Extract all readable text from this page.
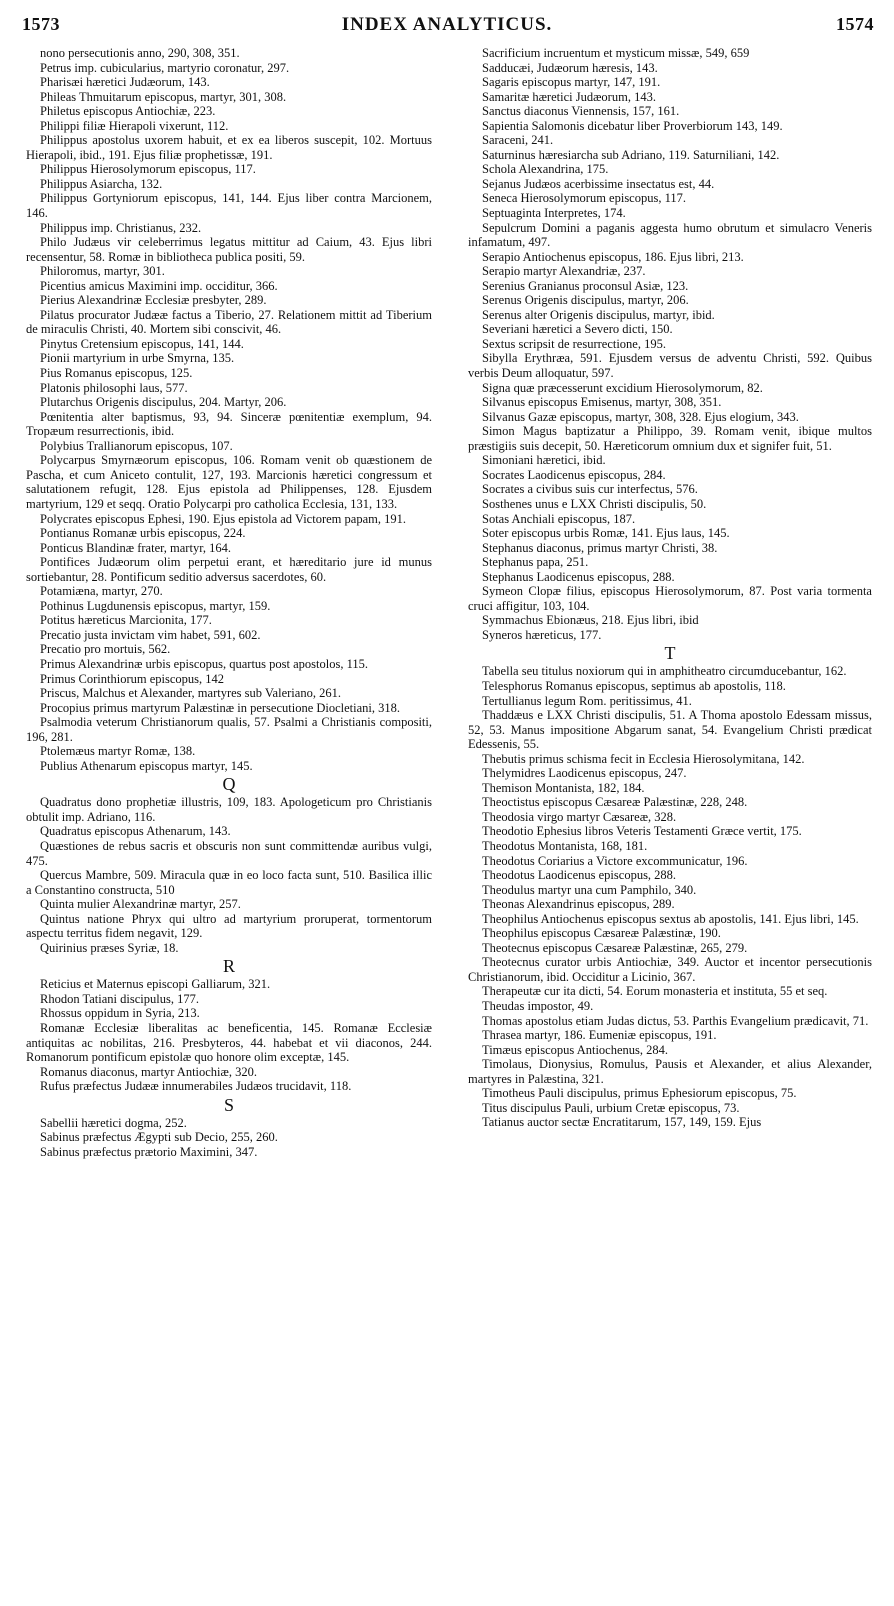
1573	INDEX ANALYTICUS.	1574

nono persecutionis anno, 290, 308, 351.

Petrus imp. cubicularius, martyrio coronatur, 297.

Pharisæi hæretici Judæorum, 143.

Phileas Thmuitarum episcopus, martyr, 301, 308.

Philetus episcopus Antiochiæ, 223.

Philippi filiæ Hierapoli vixerunt, 112.

Philippus apostolus uxorem habuit, et ex ea liberos suscepit, 102. Mortuus Hierapoli, ibid., 191. Ejus filiæ prophetissæ, 191.

Philippus Hierosolymorum episcopus, 117.

Philippus Asiarcha, 132.

Philippus Gortyniorum episcopus, 141, 144. Ejus liber contra Marcionem, 146.

Philippus imp. Christianus, 232.

Philo Judæus vir celeberrimus legatus mittitur ad Caium, 43. Ejus libri recensentur, 58. Romæ in bibliotheca publica positi, 59.

Philoromus, martyr, 301.

Picentius amicus Maximini imp. occiditur, 366.

Pierius Alexandrinæ Ecclesiæ presbyter, 289.

Pilatus procurator Judææ factus a Tiberio, 27. Relationem mittit ad Tiberium de miraculis Christi, 40. Mortem sibi conscivit, 46.

Pinytus Cretensium episcopus, 141, 144.

Pionii martyrium in urbe Smyrna, 135.

Pius Romanus episcopus, 125.

Platonis philosophi laus, 577.

Plutarchus Origenis discipulus, 204. Martyr, 206.

Pœnitentia alter baptismus, 93, 94. Sinceræ pœnitentiæ exemplum, 94. Tropæum resurrectionis, ibid.

Polybius Trallianorum episcopus, 107.

Polycarpus Smyrnæorum episcopus, 106. Romam venit ob quæstionem de Pascha, et cum Aniceto contulit, 127, 193. Marcionis hæretici congressum et salutationem refugit, 128. Ejus epistola ad Philippenses, 128. Ejusdem martyrium, 129 et seqq. Oratio Polycarpi pro catholica Ecclesia, 131, 133.

Polycrates episcopus Ephesi, 190. Ejus epistola ad Victorem papam, 191.

Pontianus Romanæ urbis episcopus, 224.

Ponticus Blandinæ frater, martyr, 164.

Pontifices Judæorum olim perpetui erant, et hæreditario jure id munus sortiebantur, 28. Pontificum seditio adversus sacerdotes, 60.

Potamiæna, martyr, 270.

Pothinus Lugdunensis episcopus, martyr, 159.

Potitus hæreticus Marcionita, 177.

Precatio justa invictam vim habet, 591, 602.

Precatio pro mortuis, 562.

Primus Alexandrinæ urbis episcopus, quartus post apostolos, 115.

Primus Corinthiorum episcopus, 142

Priscus, Malchus et Alexander, martyres sub Valeriano, 261.

Procopius primus martyrum Palæstinæ in persecutione Diocletiani, 318.

Psalmodia veterum Christianorum qualis, 57. Psalmi a Christianis compositi, 196, 281.

Ptolemæus martyr Romæ, 138.

Publius Athenarum episcopus martyr, 145.

Q

Quadratus dono prophetiæ illustris, 109, 183. Apologeticum pro Christianis obtulit imp. Adriano, 116.

Quadratus episcopus Athenarum, 143.

Quæstiones de rebus sacris et obscuris non sunt committendæ auribus vulgi, 475.

Quercus Mambre, 509. Miracula quæ in eo loco facta sunt, 510. Basilica illic a Constantino constructa, 510

Quinta mulier Alexandrinæ martyr, 257.

Quintus natione Phryx qui ultro ad martyrium proruperat, tormentorum aspectu territus fidem negavit, 129.

Quirinius præses Syriæ, 18.

R

Reticius et Maternus episcopi Galliarum, 321.

Rhodon Tatiani discipulus, 177.

Rhossus oppidum in Syria, 213.

Romanæ Ecclesiæ liberalitas ac beneficentia, 145. Romanæ Ecclesiæ antiquitas ac nobilitas, 216. Presbyteros, 44. habebat et vii diaconos, 244. Romanorum pontificum epistolæ quo honore olim exceptæ, 145.

Romanus diaconus, martyr Antiochiæ, 320.

Rufus præfectus Judææ innumerabiles Judæos trucidavit, 118.

S

Sabellii hæretici dogma, 252.

Sabinus præfectus Ægypti sub Decio, 255, 260.

Sabinus præfectus prætorio Maximini, 347.

Sacrificium incruentum et mysticum missæ, 549, 659

Sadducæi, Judæorum hæresis, 143.

Sagaris episcopus martyr, 147, 191.

Samaritæ hæretici Judæorum, 143.

Sanctus diaconus Viennensis, 157, 161.

Sapientia Salomonis dicebatur liber Proverbiorum 143, 149.

Saraceni, 241.

Saturninus hæresiarcha sub Adriano, 119. Saturniliani, 142.

Schola Alexandrina, 175.

Sejanus Judæos acerbissime insectatus est, 44.

Seneca Hierosolymorum episcopus, 117.

Septuaginta Interpretes, 174.

Sepulcrum Domini a paganis aggesta humo obrutum et simulacro Veneris infamatum, 497.

Serapio Antiochenus episcopus, 186. Ejus libri, 213.

Serapio martyr Alexandriæ, 237.

Serenius Granianus proconsul Asiæ, 123.

Serenus Origenis discipulus, martyr, 206.

Serenus alter Origenis discipulus, martyr, ibid.

Severiani hæretici a Severo dicti, 150.

Sextus scripsit de resurrectione, 195.

Sibylla Erythræa, 591. Ejusdem versus de adventu Christi, 592. Quibus verbis Deum alloquatur, 597.

Signa quæ præcesserunt excidium Hierosolymorum, 82.

Silvanus episcopus Emisenus, martyr, 308, 351.

Silvanus Gazæ episcopus, martyr, 308, 328. Ejus elogium, 343.

Simon Magus baptizatur a Philippo, 39. Romam venit, ibique multos præstigiis suis decepit, 50. Hæreticorum omnium dux et signifer fuit, 51.

Simoniani hæretici, ibid.

Socrates Laodicenus episcopus, 284.

Socrates a civibus suis cur interfectus, 576.

Sosthenes unus e LXX Christi discipulis, 50.

Sotas Anchiali episcopus, 187.

Soter episcopus urbis Romæ, 141. Ejus laus, 145.

Stephanus diaconus, primus martyr Christi, 38.

Stephanus papa, 251.

Stephanus Laodicenus episcopus, 288.

Symeon Clopæ filius, episcopus Hierosolymorum, 87. Post varia tormenta cruci affigitur, 103, 104.

Symmachus Ebionæus, 218. Ejus libri, ibid

Syneros hæreticus, 177.

T

Tabella seu titulus noxiorum qui in amphitheatro circumducebantur, 162.

Telesphorus Romanus episcopus, septimus ab apostolis, 118.

Tertullianus legum Rom. peritissimus, 41.

Thaddæus e LXX Christi discipulis, 51. A Thoma apostolo Edessam missus, 52, 53. Manus impositione Abgarum sanat, 54. Evangelium Christi prædicat Edessenis, 55.

Thebutis primus schisma fecit in Ecclesia Hierosolymitana, 142.

Thelymidres Laodicenus episcopus, 247.

Themison Montanista, 182, 184.

Theoctistus episcopus Cæsareæ Palæstinæ, 228, 248.

Theodosia virgo martyr Cæsareæ, 328.

Theodotio Ephesius libros Veteris Testamenti Græce vertit, 175.

Theodotus Montanista, 168, 181.

Theodotus Coriarius a Victore excommunicatur, 196.

Theodotus Laodicenus episcopus, 288.

Theodulus martyr una cum Pamphilo, 340.

Theonas Alexandrinus episcopus, 289.

Theophilus Antiochenus episcopus sextus ab apostolis, 141. Ejus libri, 145.

Theophilus episcopus Cæsareæ Palæstinæ, 190.

Theotecnus episcopus Cæsareæ Palæstinæ, 265, 279.

Theotecnus curator urbis Antiochiæ, 349. Auctor et incentor persecutionis Christianorum, ibid. Occiditur a Licinio, 367.

Therapeutæ cur ita dicti, 54. Eorum monasteria et instituta, 55 et seq.

Theudas impostor, 49.

Thomas apostolus etiam Judas dictus, 53. Parthis Evangelium prædicavit, 71.

Thrasea martyr, 186. Eumeniæ episcopus, 191.

Timæus episcopus Antiochenus, 284.

Timolaus, Dionysius, Romulus, Pausis et Alexander, et alius Alexander, martyres in Palæstina, 321.

Timotheus Pauli discipulus, primus Ephesiorum episcopus, 75.

Titus discipulus Pauli, urbium Cretæ episcopus, 73.

Tatianus auctor sectæ Encratitarum, 157, 149, 159. Ejus
